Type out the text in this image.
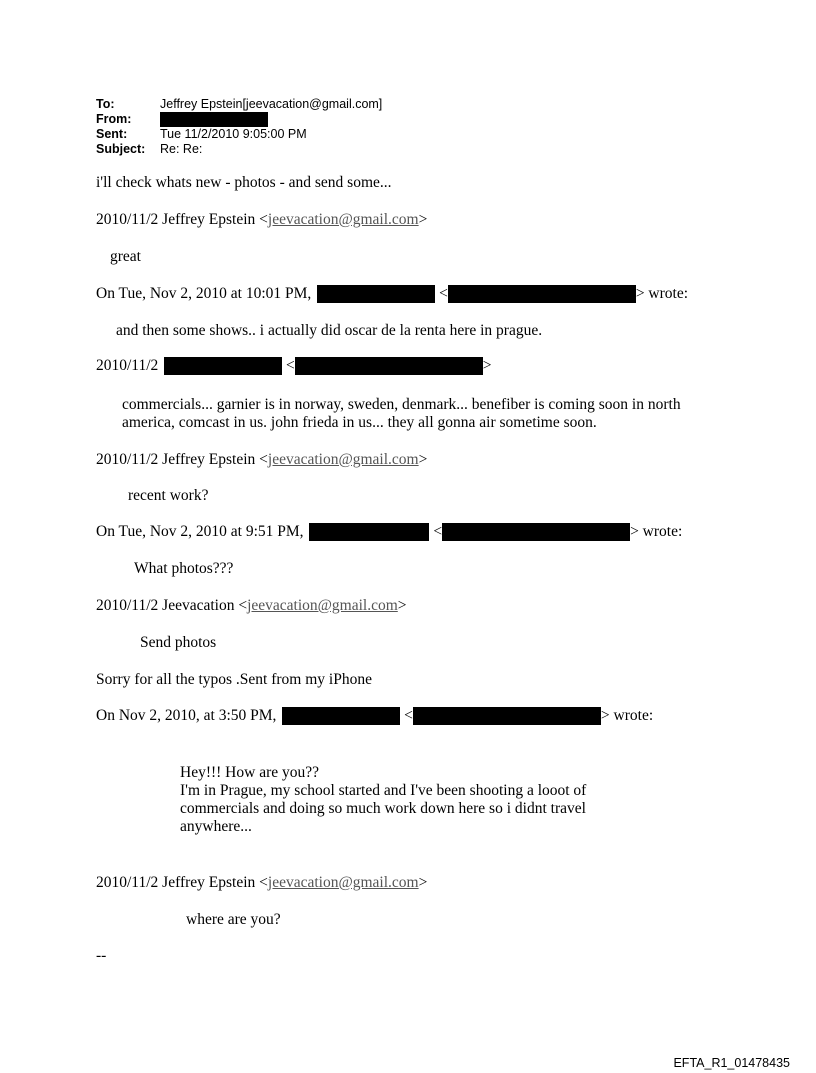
To:	Jeffrey Epstein[jeevacation@gmail.com]
From:
Sent:	Tue 11/2/2010 9:05:00 PM
Subject: Re: Re:
i'll check whats new - photos - and send some...
2010/11/2 Jeffrey Epstein <jeevacation@gmail.com>
great
On Tue, Nov 2, 2010 at 10:01 PM,	<	> wrote:
and then some shows.. i actually did oscar de la renta here in prague.
2010/11/2	<	>
commercials... garnier is in norway, sweden, denmark... benefiber is coming soon in north
america, comcast in us. john frieda in us... they all gonna air sometime soon.
2010/11/2 Jeffrey Epstein <jeevacation@gmail.com>
recent work?
On Tue, Nov 2, 2010 at 9:51 PM,	<	> wrote:
What photos???
2010/11/2 Jeevacation <jeevacation@gmail.com>
Send photos
Sorry for all the typos .Sent from my iPhone
On Nov 2, 2010, at 3:50 PM,	<	> wrote:
Hey!!! How are you??
I'm in Prague, my school started and I've been shooting a looot of
commercials and doing so much work down here so i didnt travel
anywhere...
2010/11/2 Jeffrey Epstein <jeevacation@gmail.com>
where are you?
--
EFTA_R1_01478435
